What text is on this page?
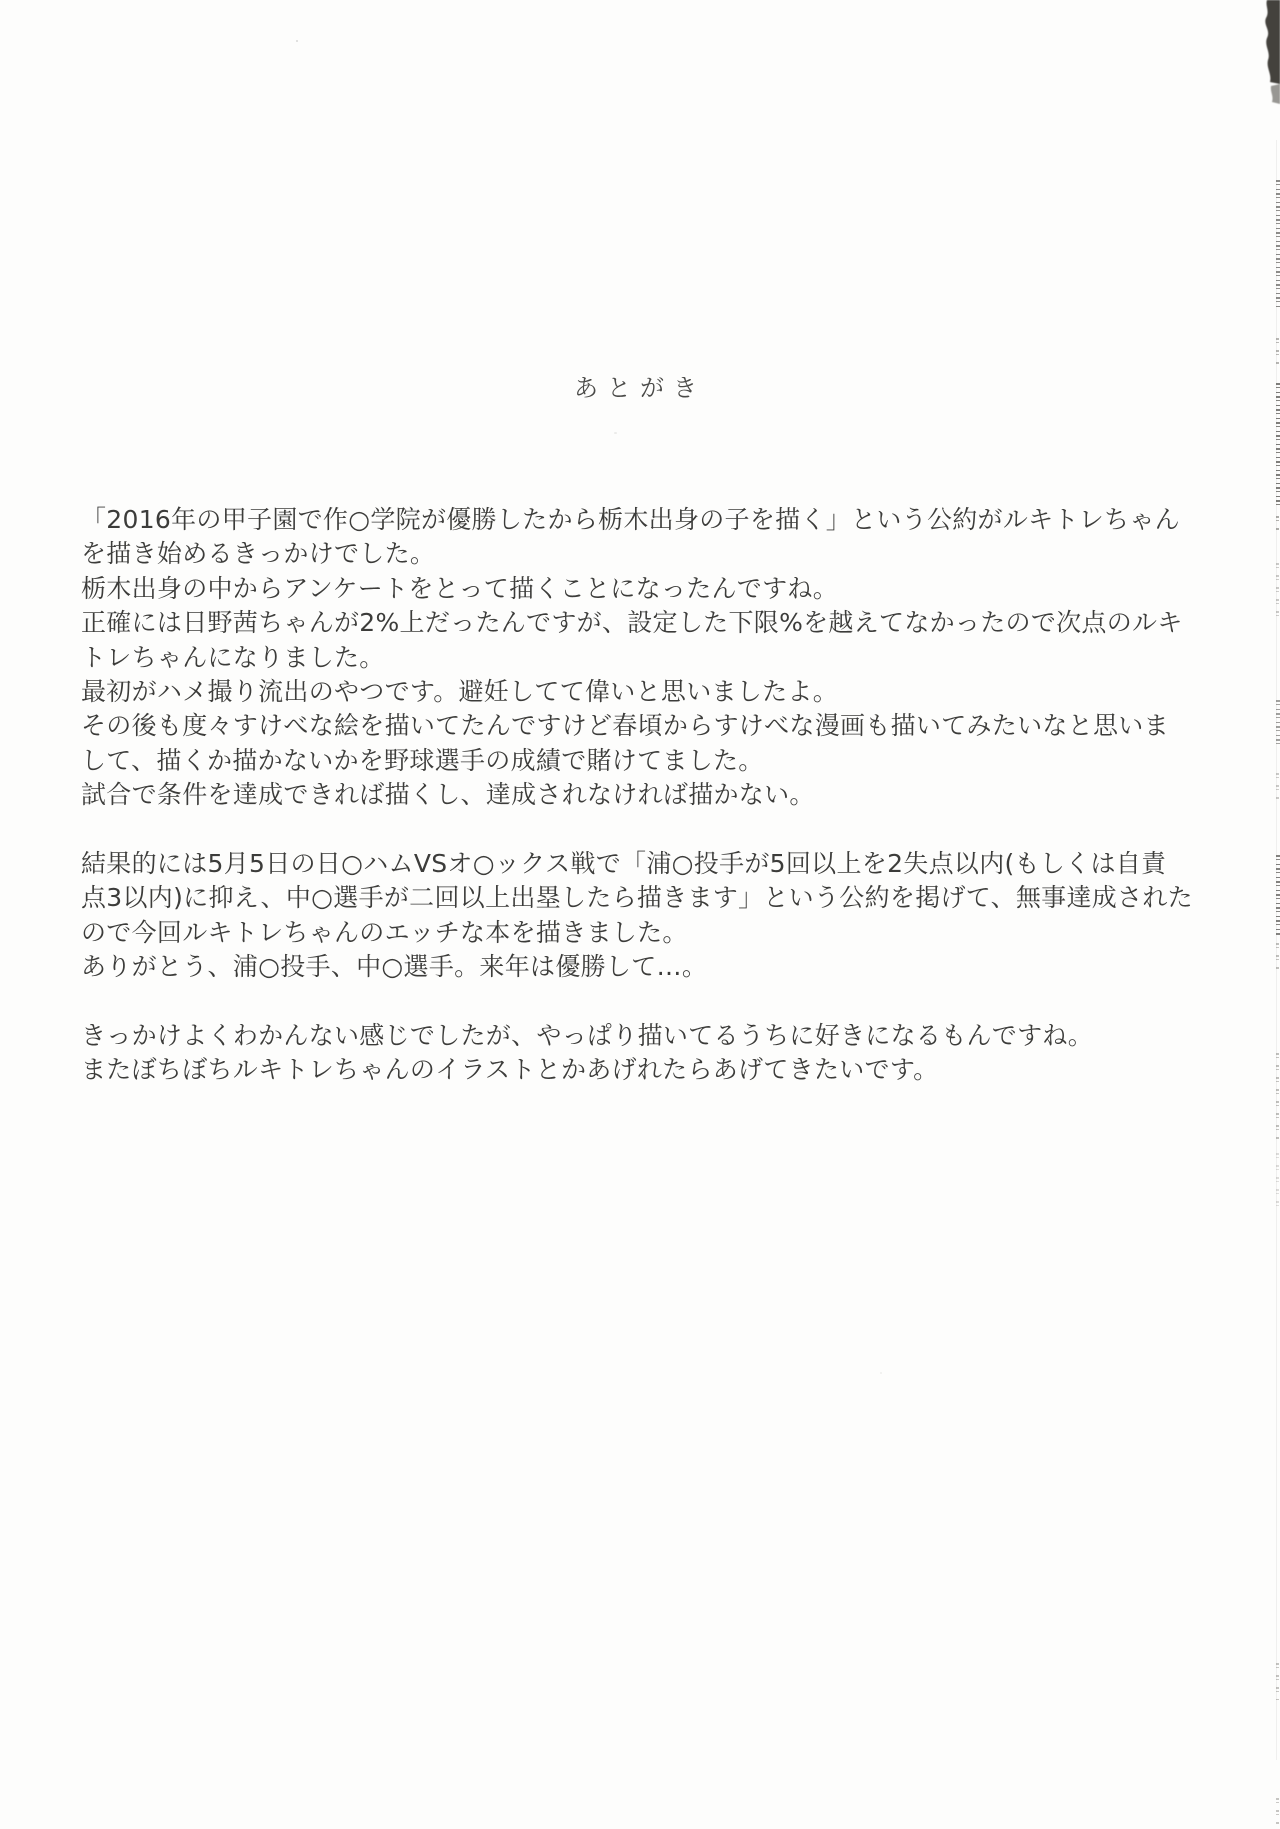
あとがき
「2016年の甲子園で作○学院が優勝したから栃木出身の子を描く」という公約がルキトレちゃん
を描き始めるきっかけでした。
栃木出身の中からアンケートをとって描くことになったんですね。
正確には日野茜ちゃんが2%上だったんですが、設定した下限%を越えてなかったので次点のルキ
トレちゃんになりました。
最初がハメ撮り流出のやつです。避妊してて偉いと思いましたよ。
その後も度々すけべな絵を描いてたんですけど春頃からすけべな漫画も描いてみたいなと思いま
して、描くか描かないかを野球選手の成績で賭けてました。
試合で条件を達成できれば描くし、達成されなければ描かない。
結果的には5月5日の日○ハムVSオ○ックス戦で「浦○投手が5回以上を2失点以内(もしくは自責
点3以内)に抑え、中○選手が二回以上出塁したら描きます」という公約を掲げて、無事達成された
ので今回ルキトレちゃんのエッチな本を描きました。
ありがとう、浦○投手、中○選手。来年は優勝して…。
きっかけよくわかんない感じでしたが、やっぱり描いてるうちに好きになるもんですね。
またぼちぼちルキトレちゃんのイラストとかあげれたらあげてきたいです。
